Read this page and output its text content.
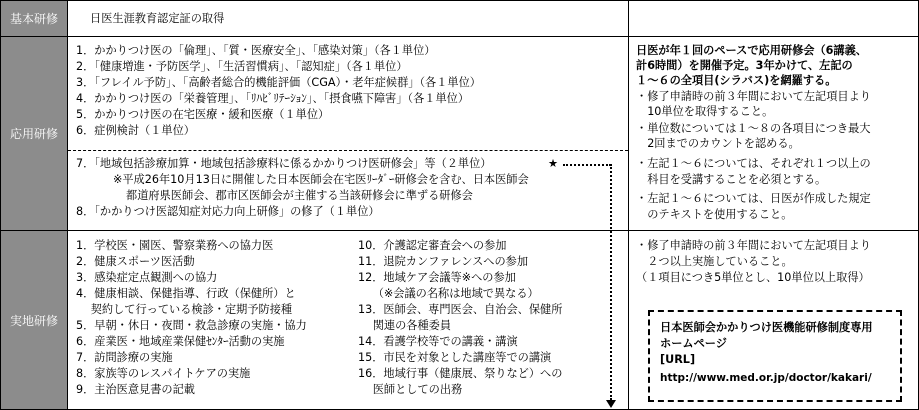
基本研修
応用研修
実地研修
日医生涯教育認定証の取得
1．かかりつけ医の「倫理」、「質・医療安全」、「感染対策」（各１単位）
2．「健康増進・予防医学」、「生活習慣病」、「認知症」（各１単位）
3．「フレイル予防」、「高齢者総合的機能評価（CGA）・老年症候群」（各１単位）
4．かかりつけ医の「栄養管理」、「ﾘﾊﾋﾞﾘﾃｰｼｮﾝ」、「摂食嚥下障害」（各１単位）
5．かかりつけ医の在宅医療・緩和医療（１単位）
6．症例検討（１単位）
7．「地域包括診療加算・地域包括診療料に係るかかりつけ医研修会」等（２単位）	★
※平成26年10月13日に開催した日本医師会在宅医ﾘｰﾀﾞｰ研修会を含む、日本医師会
都道府県医師会、郡市区医師会が主催する当該研修会に準ずる研修会
8．「かかりつけ医認知症対応力向上研修」の修了（１単位）
日医が年１回のペースで応用研修会（6講義、
計6時間）を開催予定。3年かけて、左記の
１～６の全項目(シラバス)を網羅する。
・修了申請時の前３年間において左記項目より
　10単位を取得すること。
・単位数については１～８の各項目につき最大
　2回までのカウントを認める。
・左記１～６については、それぞれ１つ以上の
　科目を受講することを必須とする。
・左記１～６については、日医が作成した規定
　のテキストを使用すること。
1．学校医・園医、警察業務への協力医
2．健康スポーツ医活動
3．感染症定点観測への協力
4．健康相談、保健指導、行政（保健所）と
　 契約して行っている検診・定期予防接種
5．早朝・休日・夜間・救急診療の実施・協力
6．産業医・地域産業保健ｾﾝﾀｰ活動の実施
7．訪問診療の実施
8．家族等のレスパイトケアの実施
9．主治医意見書の記載
10．介護認定審査会への参加
11．退院カンファレンスへの参加
12．地域ケア会議等※への参加
　 （※会議の名称は地域で異なる）
13．医師会、専門医会、自治会、保健所
　 関連の各種委員
14．看護学校等での講義・講演
15．市民を対象とした講座等での講演
16．地域行事（健康展、祭りなど）への
　 医師としての出務
・修了申請時の前３年間において左記項目より
　２つ以上実施していること。
（１項目につき5単位とし、10単位以上取得）
日本医師会かかりつけ医機能研修制度専用
ホームページ
[URL]
http://www.med.or.jp/doctor/kakari/
